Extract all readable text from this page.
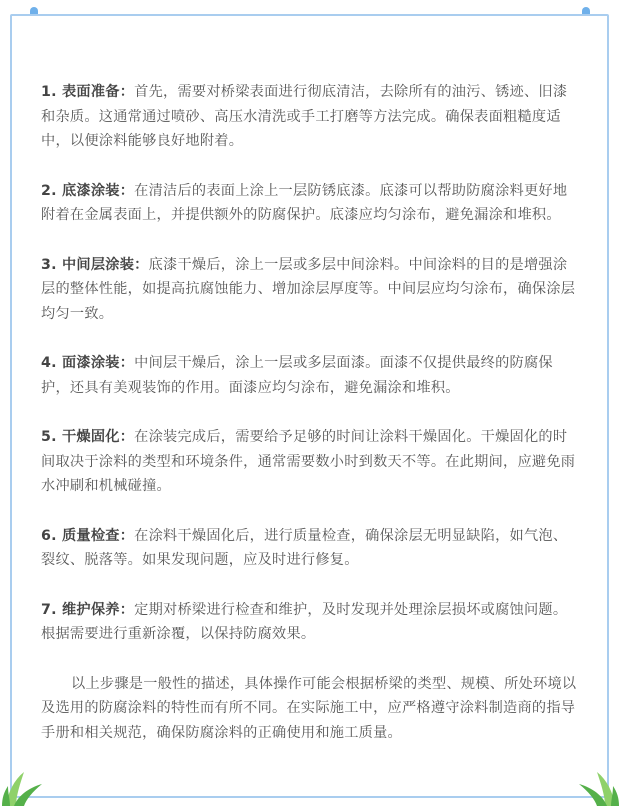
1. 表面准备：首先，需要对桥梁表面进行彻底清洁，去除所有的油污、锈迹、旧漆和杂质。这通常通过喷砂、高压水清洗或手工打磨等方法完成。确保表面粗糙度适中，以便涂料能够良好地附着。

2. 底漆涂装：在清洁后的表面上涂上一层防锈底漆。底漆可以帮助防腐涂料更好地附着在金属表面上，并提供额外的防腐保护。底漆应均匀涂布，避免漏涂和堆积。

3. 中间层涂装：底漆干燥后，涂上一层或多层中间涂料。中间涂料的目的是增强涂层的整体性能，如提高抗腐蚀能力、增加涂层厚度等。中间层应均匀涂布，确保涂层均匀一致。

4. 面漆涂装：中间层干燥后，涂上一层或多层面漆。面漆不仅提供最终的防腐保护，还具有美观装饰的作用。面漆应均匀涂布，避免漏涂和堆积。

5. 干燥固化：在涂装完成后，需要给予足够的时间让涂料干燥固化。干燥固化的时间取决于涂料的类型和环境条件，通常需要数小时到数天不等。在此期间，应避免雨水冲刷和机械碰撞。

6. 质量检查：在涂料干燥固化后，进行质量检查，确保涂层无明显缺陷，如气泡、裂纹、脱落等。如果发现问题，应及时进行修复。

7. 维护保养：定期对桥梁进行检查和维护，及时发现并处理涂层损坏或腐蚀问题。根据需要进行重新涂覆，以保持防腐效果。

以上步骤是一般性的描述，具体操作可能会根据桥梁的类型、规模、所处环境以及选用的防腐涂料的特性而有所不同。在实际施工中，应严格遵守涂料制造商的指导手册和相关规范，确保防腐涂料的正确使用和施工质量。
